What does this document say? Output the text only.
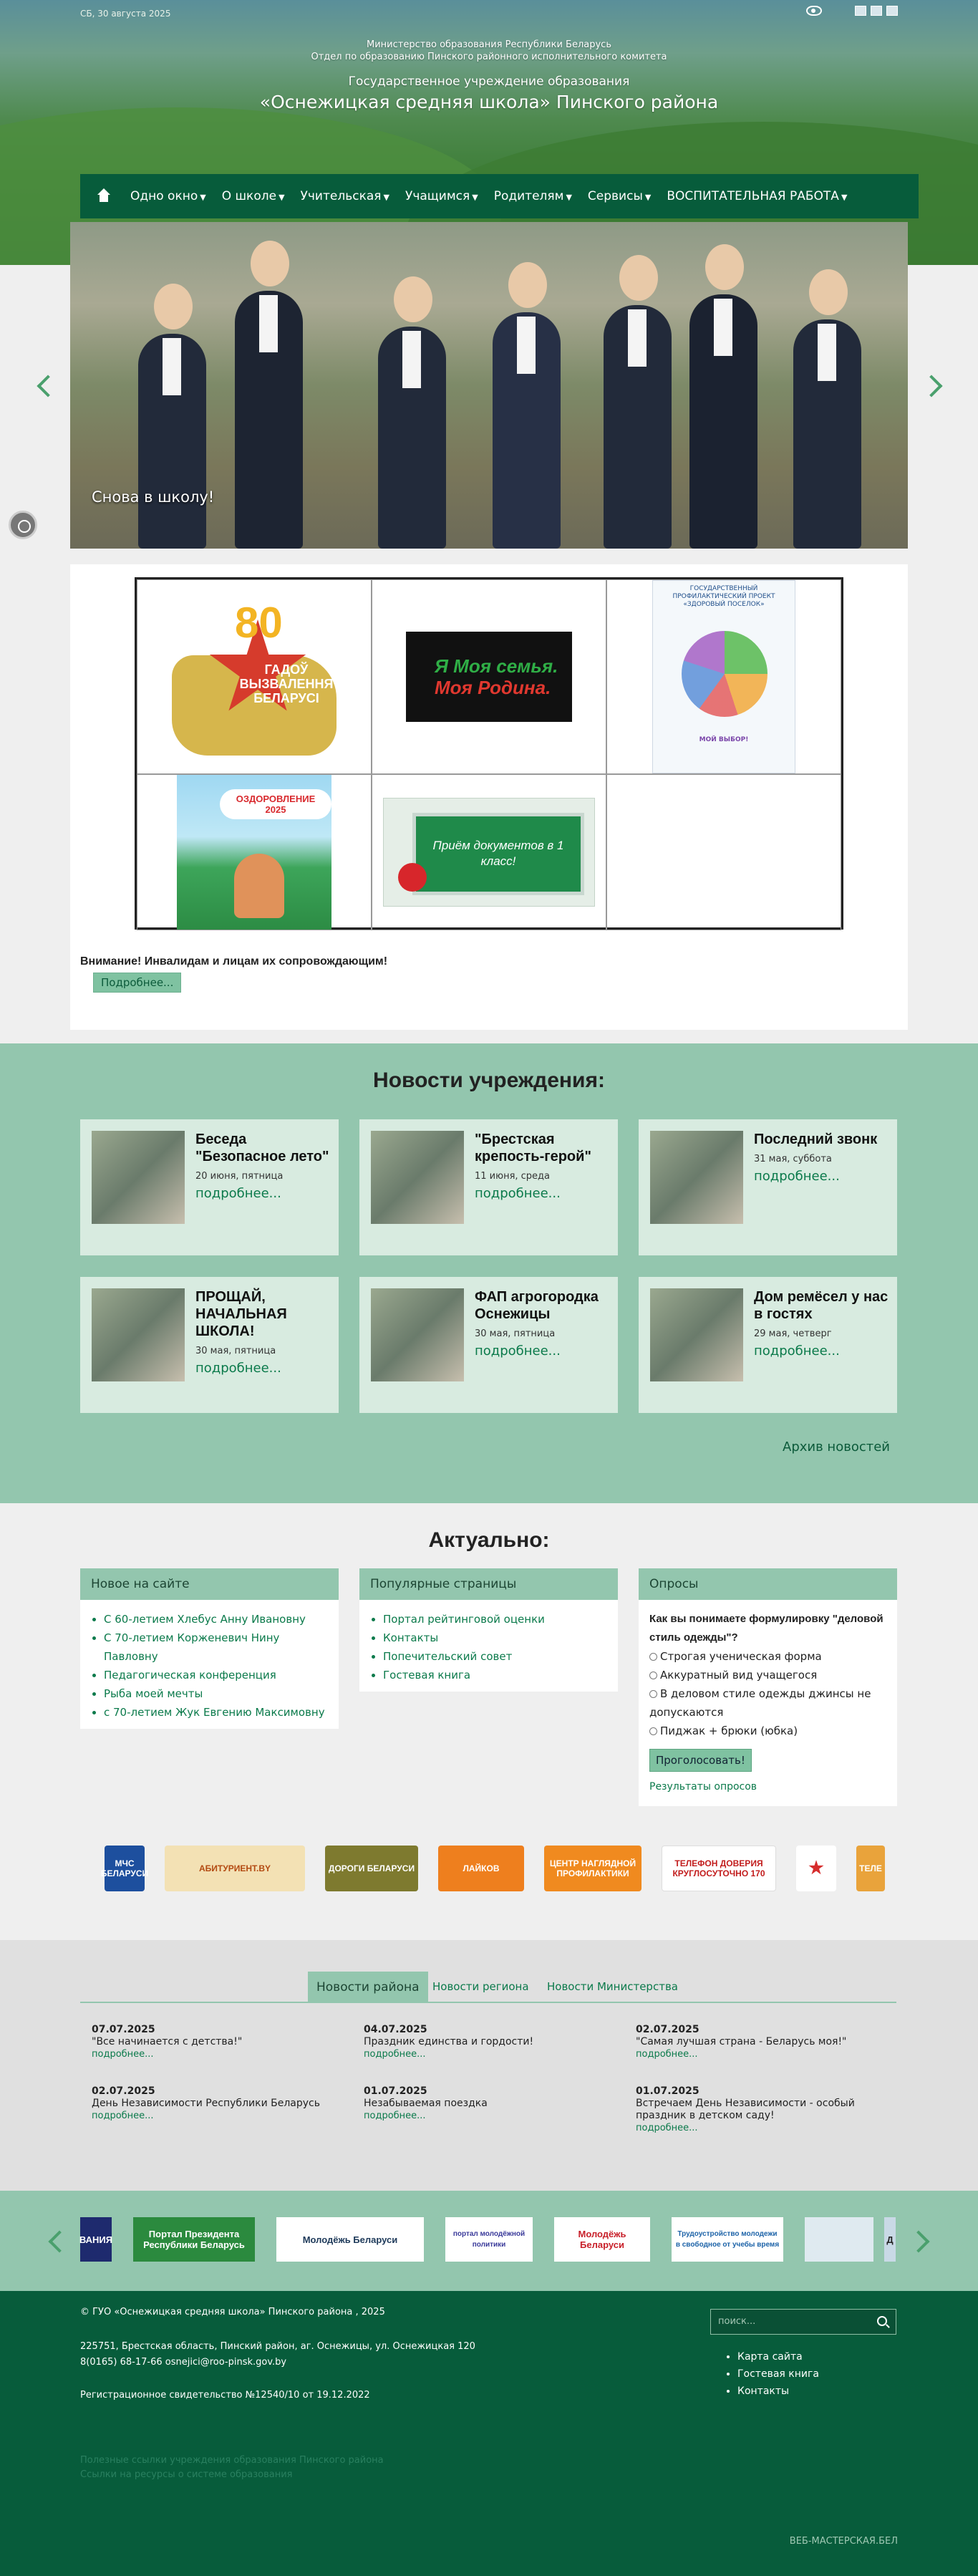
СБ, 30 августа 2025
Министерство образования Республики Беларусь
Отдел по образованию Пинского районного исполнительного комитета
Государственное учреждение образования
«Оснежицкая средняя школа» Пинского района
Одно окно ▼ О школе ▼ Учительская ▼ Учащимся ▼ Родителям ▼ Сервисы ▼ ВОСПИТАТЕЛЬНАЯ РАБОТА ▼
Снова в школу!
80
ГАДОЎ ВЫЗВАЛЕННЯ БЕЛАРУСІ
Я Моя семья.
Моя Родина.
ГОСУДАРСТВЕННЫЙ ПРОФИЛАКТИЧЕСКИЙ ПРОЕКТ «ЗДОРОВЫЙ ПОСЕЛОК»
МОЙ ВЫБОР!
ОЗДОРОВЛЕНИЕ 2025
Приём документов в 1 класс!
Внимание! Инвалидам и лицам их сопровождающим!
Подробнее...
Новости учреждения:
Беседа "Безопасное лето"
20 июня, пятница
подробнее...
"Брестская крепость-герой"
11 июня, среда
подробнее...
Последний звонк
31 мая, суббота
подробнее...
ПРОЩАЙ, НАЧАЛЬНАЯ ШКОЛА!
30 мая, пятница
подробнее...
ФАП агрогородка Оснежицы
30 мая, пятница
подробнее...
Дом ремёсел у нас в гостях
29 мая, четверг
подробнее...
Архив новостей
Актуально:
Новое на сайте
• С 60-летием Хлебус Анну Ивановну
• С 70-летием Корженевич Нину Павловну
• Педагогическая конференция
• Рыба моей мечты
• с 70-летием Жук Евгению Максимовну
Популярные страницы
• Портал рейтинговой оценки
• Контакты
• Попечительский совет
• Гостевая книга
Опросы
Как вы понимаете формулировку "деловой стиль одежды"?
Строгая ученическая форма
Аккуратный вид учащегося
В деловом стиле одежды джинсы не допускаются
Пиджак + брюки (юбка)
Проголосовать!
Результаты опросов
МЧС БЕЛАРУСИ	АБИТУРИЕНТ.BY	ДОРОГИ БЕЛАРУСИ	ЛАЙКОВ	ЦЕНТР НАГЛЯДНОЙ ПРОФИЛАКТИКИ
ТЕЛЕФОН ДОВЕРИЯ КРУГЛОСУТОЧНО 170	★	ТЕЛЕ
Новости района	Новости региона	Новости Министерства
07.07.2025
"Все начинается с детства!"
подробнее...
04.07.2025
Праздник единства и гордости!
подробнее...
02.07.2025
"Самая лучшая страна - Беларусь моя!"
подробнее...
02.07.2025
День Независимости Республики Беларусь
подробнее...
01.07.2025
Незабываемая поездка
подробнее...
01.07.2025
Встречаем День Независимости - особый праздник в детском саду!
подробнее...
ВАНИЯ	Портал Президента Республики Беларусь	Молодёжь Беларуси	портал молодёжной политики
Молодёжь Беларуси
Трудоустройство молодежи в свободное от учебы время	Д
© ГУО «Оснежицкая средняя школа» Пинского района , 2025
225751, Брестская область, Пинский район, аг. Оснежицы, ул. Оснежицкая 120
8(0165) 68-17-66 osnejici@roo-pinsk.gov.by
Регистрационное свидетельство №12540/10 от 19.12.2022
поиск...
• Карта сайта
• Гостевая книга
• Контакты
Полезные ссылки учреждения образования Пинского района
Ссылки на ресурсы о системе образования
ВЕБ-МАСТЕРСКАЯ.БЕЛ
